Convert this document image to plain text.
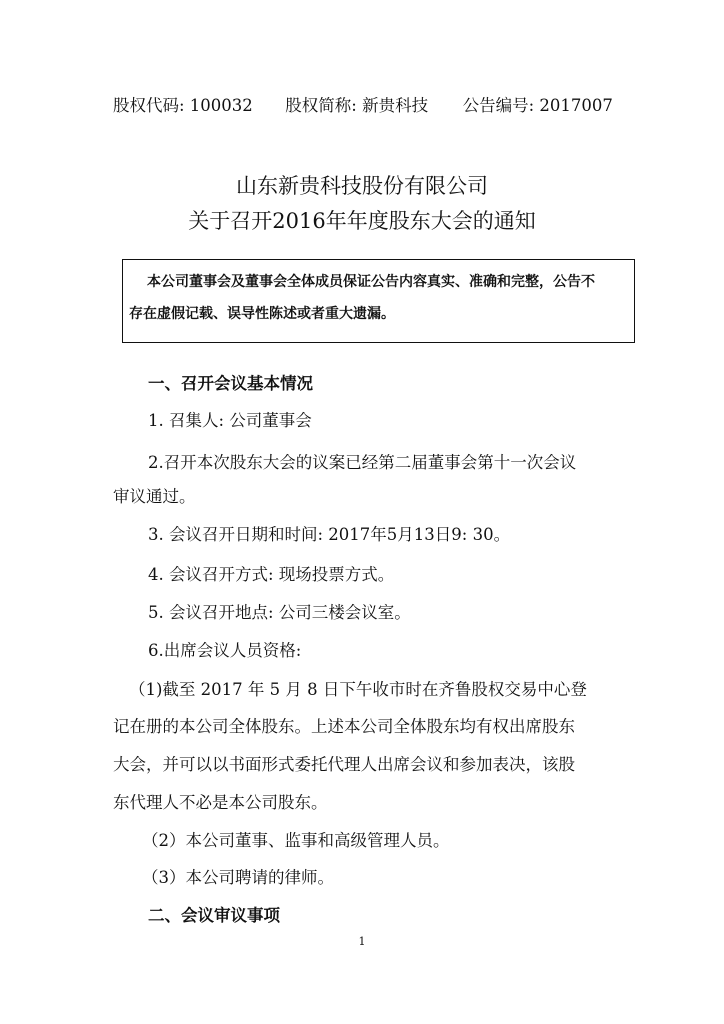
股权代码: 100032 股权简称: 新贵科技 公告编号: 2017007
山东新贵科技股份有限公司
关于召开2016年年度股东大会的通知
本公司董事会及董事会全体成员保证公告内容真实、准确和完整，公告不
存在虚假记载、误导性陈述或者重大遗漏。
一、召开会议基本情况
1. 召集人: 公司董事会
2.召开本次股东大会的议案已经第二届董事会第十一次会议
审议通过。
3. 会议召开日期和时间: 2017年5月13日9: 30。
4. 会议召开方式: 现场投票方式。
5. 会议召开地点: 公司三楼会议室。
6.出席会议人员资格:
（1)截至 2017 年 5 月 8 日下午收市时在齐鲁股权交易中心登
记在册的本公司全体股东。上述本公司全体股东均有权出席股东
大会，并可以以书面形式委托代理人出席会议和参加表决，该股
东代理人不必是本公司股东。
（2）本公司董事、监事和高级管理人员。
（3）本公司聘请的律师。
二、会议审议事项
1
